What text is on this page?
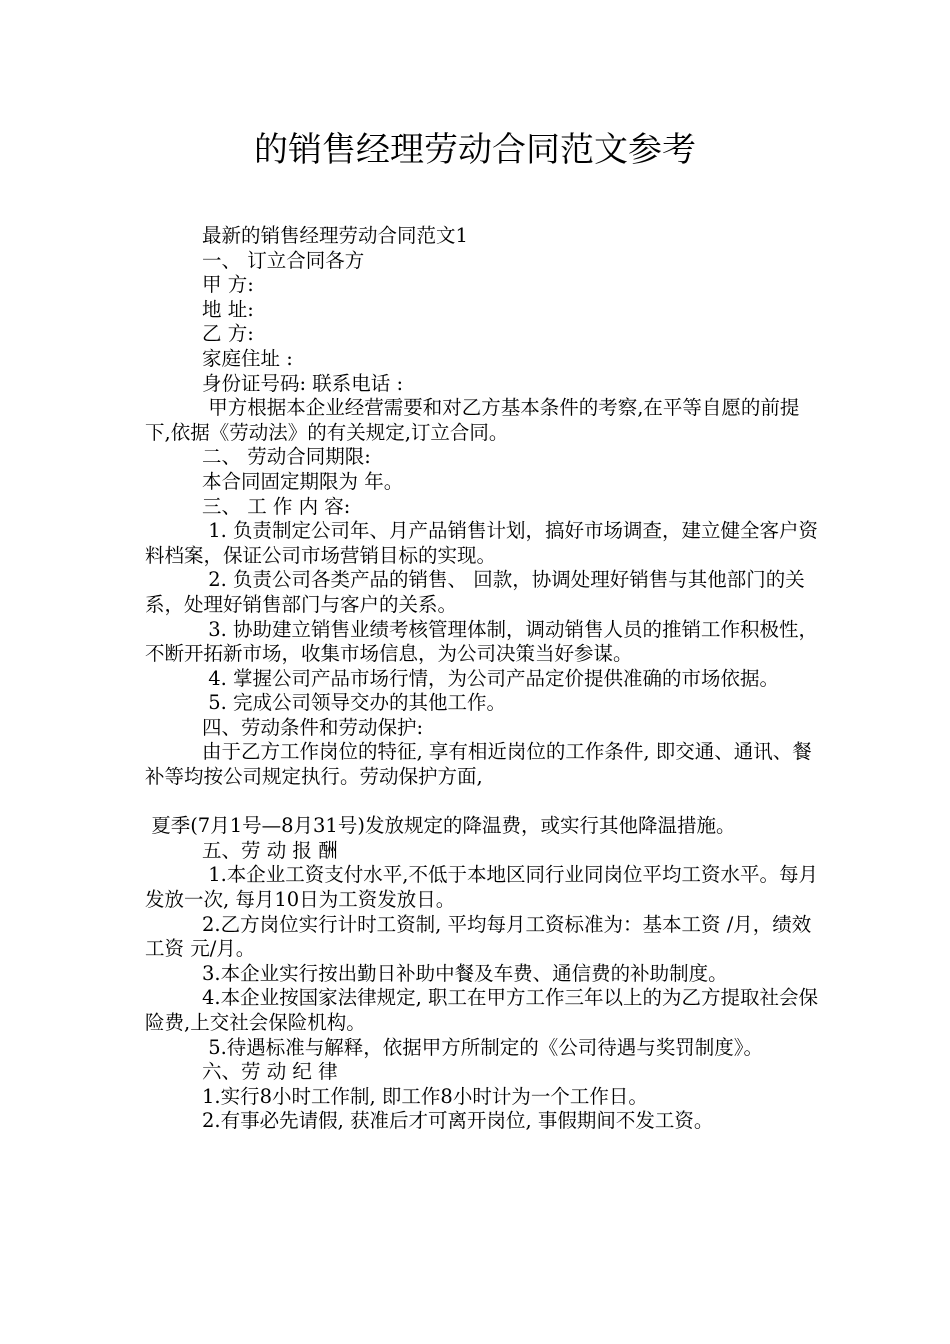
的销售经理劳动合同范文参考

最新的销售经理劳动合同范文1

一、 订立合同各方

甲 方:

地 址:

乙 方:

家庭住址 :

身份证号码: 联系电话 :

甲方根据本企业经营需要和对乙方基本条件的考察,在平等自愿的前提下,依据《劳动法》的有关规定,订立合同。

二、 劳动合同期限:

本合同固定期限为 年。

三、 工 作 内 容:

1. 负责制定公司年、月产品销售计划，搞好市场调查，建立健全客户资料档案，保证公司市场营销目标的实现。

2. 负责公司各类产品的销售、 回款，协调处理好销售与其他部门的关系，处理好销售部门与客户的关系。

3. 协助建立销售业绩考核管理体制，调动销售人员的推销工作积极性，不断开拓新市场，收集市场信息，为公司决策当好参谋。

4. 掌握公司产品市场行情，为公司产品定价提供准确的市场依据。

5. 完成公司领导交办的其他工作。

四、劳动条件和劳动保护:

由于乙方工作岗位的特征, 享有相近岗位的工作条件, 即交通、通讯、餐补等均按公司规定执行。劳动保护方面,

夏季(7月1号—8月31号)发放规定的降温费，或实行其他降温措施。

五、劳 动 报 酬

1.本企业工资支付水平,不低于本地区同行业同岗位平均工资水平。每月发放一次, 每月10日为工资发放日。

2.乙方岗位实行计时工资制, 平均每月工资标准为：基本工资 /月，绩效工资 元/月。

3.本企业实行按出勤日补助中餐及车费、通信费的补助制度。

4.本企业按国家法律规定, 职工在甲方工作三年以上的为乙方提取社会保险费,上交社会保险机构。

5.待遇标准与解释，依据甲方所制定的《公司待遇与奖罚制度》。

六、劳 动 纪 律

1.实行8小时工作制, 即工作8小时计为一个工作日。

2.有事必先请假, 获准后才可离开岗位, 事假期间不发工资。
